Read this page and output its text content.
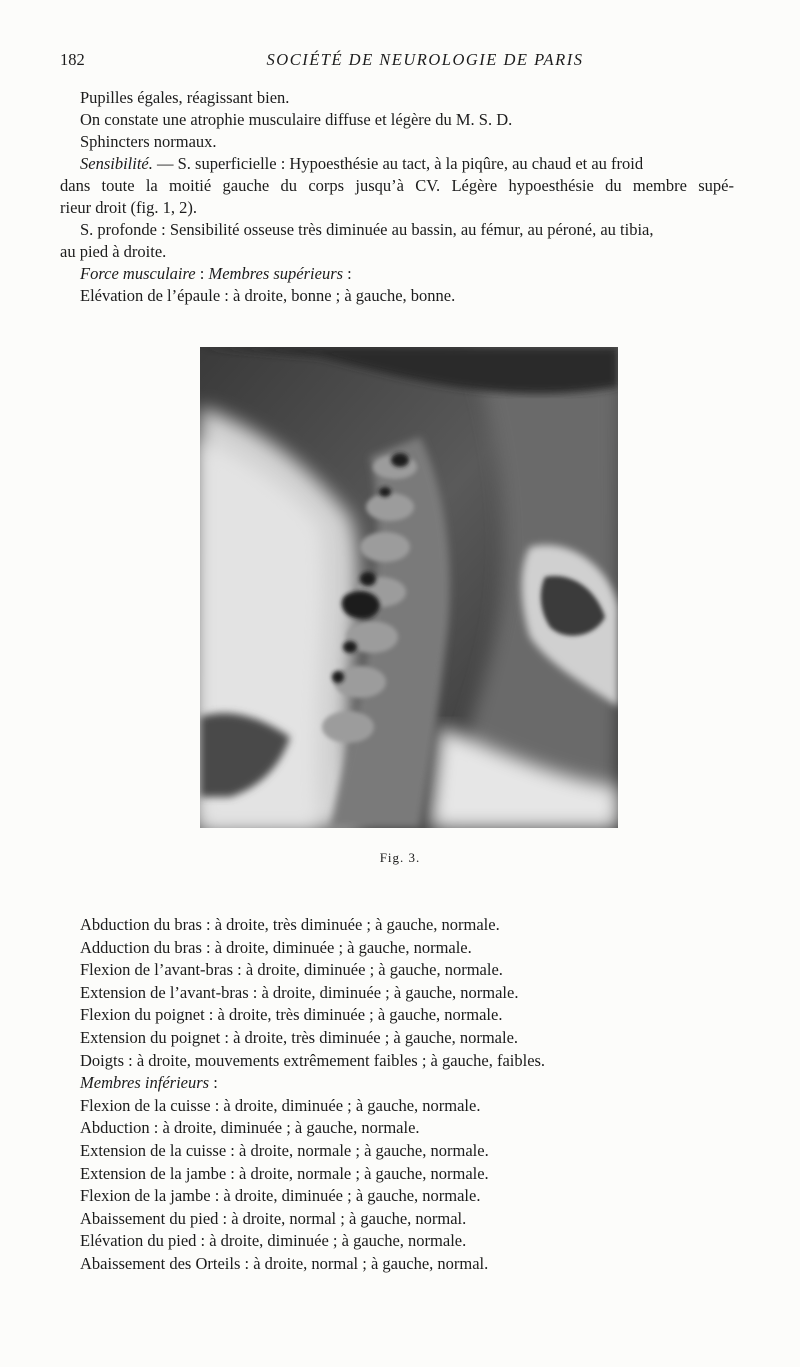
182	SOCIÉTÉ DE NEUROLOGIE DE PARIS
Pupilles égales, réagissant bien.
On constate une atrophie musculaire diffuse et légère du M. S. D.
Sphincters normaux.
Sensibilité. — S. superficielle : Hypoesthésie au tact, à la piqûre, au chaud et au froid
dans toute la moitié gauche du corps jusqu’à CV. Légère hypoesthésie du membre supé-
rieur droit (fig. 1, 2).
S. profonde : Sensibilité osseuse très diminuée au bassin, au fémur, au péroné, au tibia,
au pied à droite.
Force musculaire : Membres supérieurs :
Elévation de l’épaule : à droite, bonne ; à gauche, bonne.
Fig. 3.
Abduction du bras : à droite, très diminuée ; à gauche, normale.
Adduction du bras : à droite, diminuée ; à gauche, normale.
Flexion de l’avant-bras : à droite, diminuée ; à gauche, normale.
Extension de l’avant-bras : à droite, diminuée ; à gauche, normale.
Flexion du poignet : à droite, très diminuée ; à gauche, normale.
Extension du poignet : à droite, très diminuée ; à gauche, normale.
Doigts : à droite, mouvements extrêmement faibles ; à gauche, faibles.
Membres inférieurs :
Flexion de la cuisse : à droite, diminuée ; à gauche, normale.
Abduction : à droite, diminuée ; à gauche, normale.
Extension de la cuisse : à droite, normale ; à gauche, normale.
Extension de la jambe : à droite, normale ; à gauche, normale.
Flexion de la jambe : à droite, diminuée ; à gauche, normale.
Abaissement du pied : à droite, normal ; à gauche, normal.
Elévation du pied : à droite, diminuée ; à gauche, normale.
Abaissement des Orteils : à droite, normal ; à gauche, normal.
